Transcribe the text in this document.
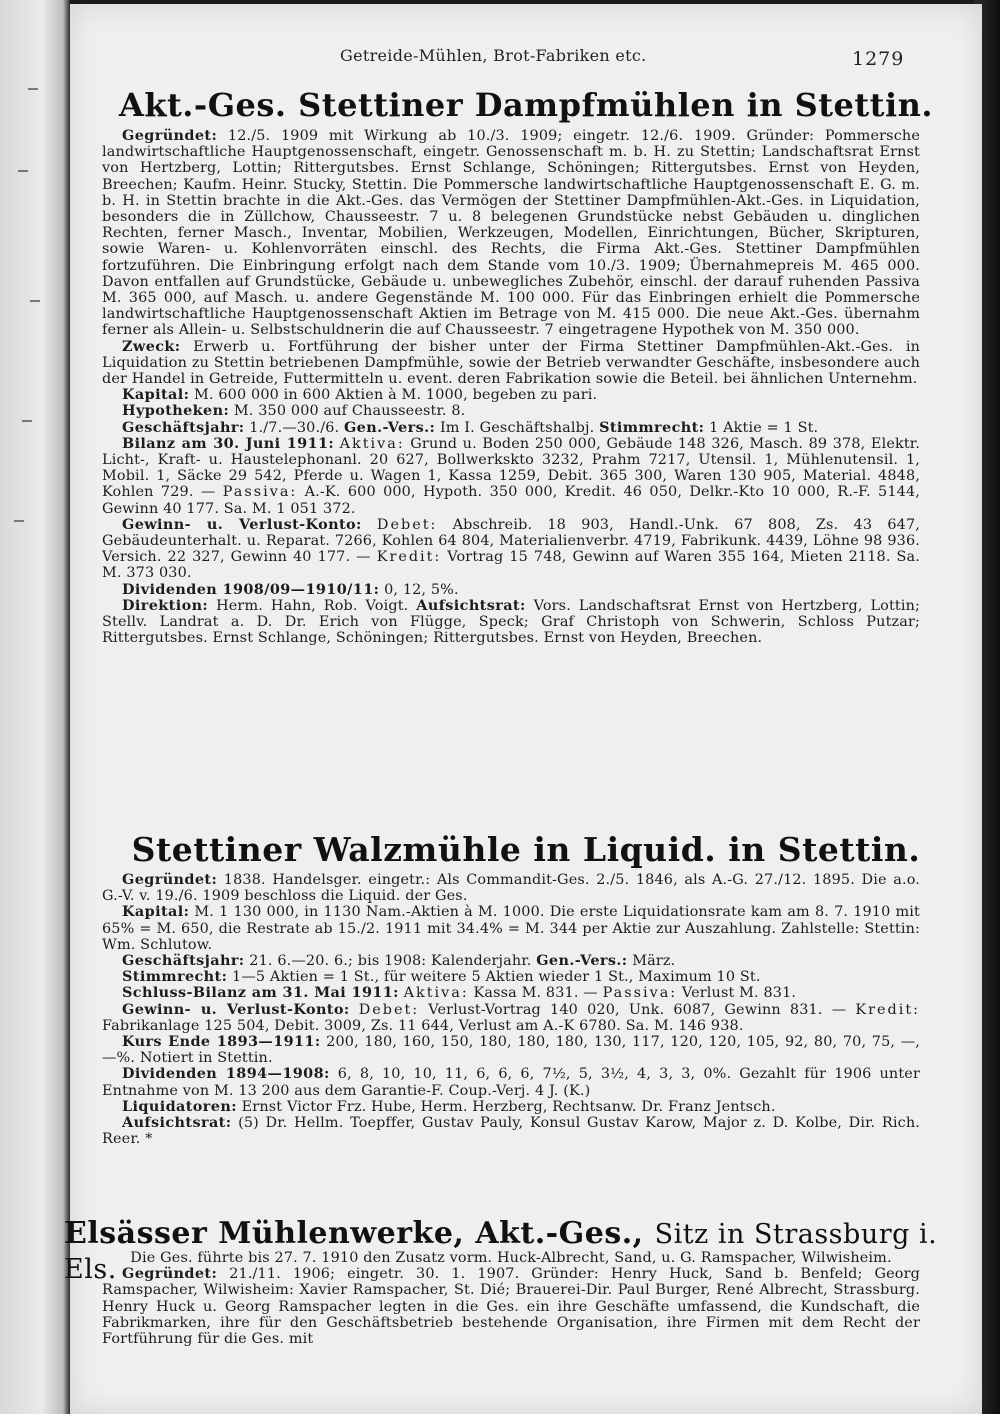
Getreide-Mühlen, Brot-Fabriken etc.	1279
Akt.-Ges. Stettiner Dampfmühlen in Stettin.

Gegründet: 12./5. 1909 mit Wirkung ab 10./3. 1909; eingetr. 12./6. 1909. Gründer: Pommersche landwirtschaftliche Hauptgenossenschaft, eingetr. Genossenschaft m. b. H. zu Stettin; Landschaftsrat Ernst von Hertzberg, Lottin; Rittergutsbes. Ernst Schlange, Schöningen; Rittergutsbes. Ernst von Heyden, Breechen; Kaufm. Heinr. Stucky, Stettin. Die Pommersche landwirtschaftliche Hauptgenossenschaft E. G. m. b. H. in Stettin brachte in die Akt.-Ges. das Vermögen der Stettiner Dampfmühlen-Akt.-Ges. in Liquidation, besonders die in Züllchow, Chausseestr. 7 u. 8 belegenen Grundstücke nebst Gebäuden u. dinglichen Rechten, ferner Masch., Inventar, Mobilien, Werkzeugen, Modellen, Einrichtungen, Bücher, Skripturen, sowie Waren- u. Kohlenvorräten einschl. des Rechts, die Firma Akt.-Ges. Stettiner Dampfmühlen fortzuführen. Die Einbringung erfolgt nach dem Stande vom 10./3. 1909; Übernahmepreis M. 465 000. Davon entfallen auf Grundstücke, Gebäude u. unbewegliches Zubehör, einschl. der darauf ruhenden Passiva M. 365 000, auf Masch. u. andere Gegenstände M. 100 000. Für das Einbringen erhielt die Pommersche landwirtschaftliche Hauptgenossenschaft Aktien im Betrage von M. 415 000. Die neue Akt.-Ges. übernahm ferner als Allein- u. Selbstschuldnerin die auf Chausseestr. 7 eingetragene Hypothek von M. 350 000.

Zweck: Erwerb u. Fortführung der bisher unter der Firma Stettiner Dampfmühlen-Akt.-Ges. in Liquidation zu Stettin betriebenen Dampfmühle, sowie der Betrieb verwandter Geschäfte, insbesondere auch der Handel in Getreide, Futtermitteln u. event. deren Fabrikation sowie die Beteil. bei ähnlichen Unternehm.

Kapital: M. 600 000 in 600 Aktien à M. 1000, begeben zu pari.

Hypotheken: M. 350 000 auf Chausseestr. 8.

Geschäftsjahr: 1./7.—30./6. Gen.-Vers.: Im I. Geschäftshalbj. Stimmrecht: 1 Aktie = 1 St.

Bilanz am 30. Juni 1911: Aktiva: Grund u. Boden 250 000, Gebäude 148 326, Masch. 89 378, Elektr. Licht-, Kraft- u. Haustelephonanl. 20 627, Bollwerkskto 3232, Prahm 7217, Utensil. 1, Mühlenutensil. 1, Mobil. 1, Säcke 29 542, Pferde u. Wagen 1, Kassa 1259, Debit. 365 300, Waren 130 905, Material. 4848, Kohlen 729. — Passiva: A.-K. 600 000, Hypoth. 350 000, Kredit. 46 050, Delkr.-Kto 10 000, R.-F. 5144, Gewinn 40 177. Sa. M. 1 051 372.

Gewinn- u. Verlust-Konto: Debet: Abschreib. 18 903, Handl.-Unk. 67 808, Zs. 43 647, Gebäudeunterhalt. u. Reparat. 7266, Kohlen 64 804, Materialienverbr. 4719, Fabrikunk. 4439, Löhne 98 936. Versich. 22 327, Gewinn 40 177. — Kredit: Vortrag 15 748, Gewinn auf Waren 355 164, Mieten 2118. Sa. M. 373 030.

Dividenden 1908/09—1910/11: 0, 12, 5%.

Direktion: Herm. Hahn, Rob. Voigt. Aufsichtsrat: Vors. Landschaftsrat Ernst von Hertzberg, Lottin; Stellv. Landrat a. D. Dr. Erich von Flügge, Speck; Graf Christoph von Schwerin, Schloss Putzar; Rittergutsbes. Ernst Schlange, Schöningen; Rittergutsbes. Ernst von Heyden, Breechen.

Stettiner Walzmühle in Liquid. in Stettin.

Gegründet: 1838. Handelsger. eingetr.: Als Commandit-Ges. 2./5. 1846, als A.-G. 27./12. 1895. Die a.o. G.-V. v. 19./6. 1909 beschloss die Liquid. der Ges.

Kapital: M. 1 130 000, in 1130 Nam.-Aktien à M. 1000. Die erste Liquidationsrate kam am 8. 7. 1910 mit 65% = M. 650, die Restrate ab 15./2. 1911 mit 34.4% = M. 344 per Aktie zur Auszahlung. Zahlstelle: Stettin: Wm. Schlutow.

Geschäftsjahr: 21. 6.—20. 6.; bis 1908: Kalenderjahr. Gen.-Vers.: März.

Stimmrecht: 1—5 Aktien = 1 St., für weitere 5 Aktien wieder 1 St., Maximum 10 St.

Schluss-Bilanz am 31. Mai 1911: Aktiva: Kassa M. 831. — Passiva: Verlust M. 831.

Gewinn- u. Verlust-Konto: Debet: Verlust-Vortrag 140 020, Unk. 6087, Gewinn 831. — Kredit: Fabrikanlage 125 504, Debit. 3009, Zs. 11 644, Verlust am A.-K 6780. Sa. M. 146 938.

Kurs Ende 1893—1911: 200, 180, 160, 150, 180, 180, 180, 130, 117, 120, 120, 105, 92, 80, 70, 75, —, —%. Notiert in Stettin.

Dividenden 1894—1908: 6, 8, 10, 10, 11, 6, 6, 6, 7½, 5, 3½, 4, 3, 3, 0%. Gezahlt für 1906 unter Entnahme von M. 13 200 aus dem Garantie-F. Coup.-Verj. 4 J. (K.)

Liquidatoren: Ernst Victor Frz. Hube, Herm. Herzberg, Rechtsanw. Dr. Franz Jentsch.

Aufsichtsrat: (5) Dr. Hellm. Toepffer, Gustav Pauly, Konsul Gustav Karow, Major z. D. Kolbe, Dir. Rich. Reer. *

Elsässer Mühlenwerke, Akt.-Ges., Sitz in Strassburg i. Els. Die Ges. führte bis 27. 7. 1910 den Zusatz vorm. Huck-Albrecht, Sand, u. G. Ramspacher, Wilwisheim.

Gegründet: 21./11. 1906; eingetr. 30. 1. 1907. Gründer: Henry Huck, Sand b. Benfeld; Georg Ramspacher, Wilwisheim: Xavier Ramspacher, St. Dié; Brauerei-Dir. Paul Burger, René Albrecht, Strassburg. Henry Huck u. Georg Ramspacher legten in die Ges. ein ihre Geschäfte umfassend, die Kundschaft, die Fabrikmarken, ihre für den Geschäftsbetrieb bestehende Organisation, ihre Firmen mit dem Recht der Fortführung für die Ges. mit
